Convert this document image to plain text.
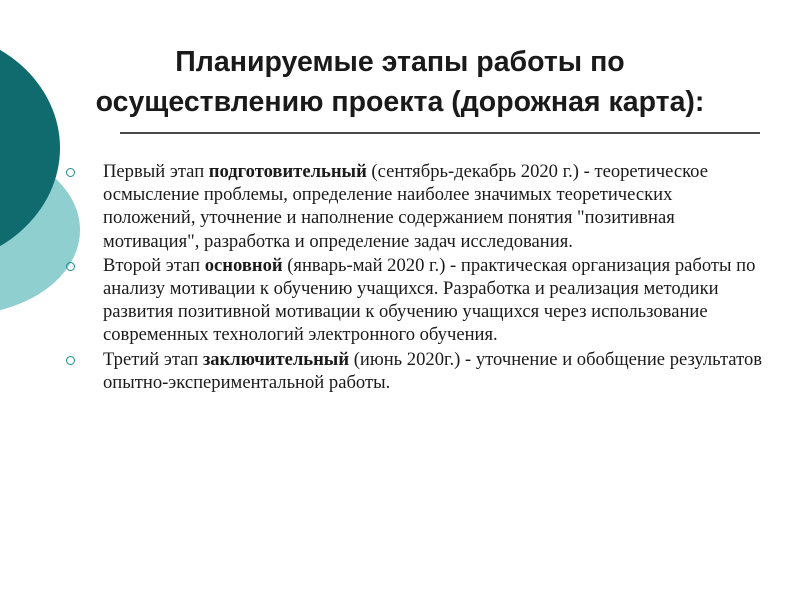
Планируемые этапы работы по
осуществлению проекта (дорожная карта):
Первый этап подготовительный (сентябрь-декабрь 2020 г.) - теоретическое осмысление проблемы, определение наиболее значимых теоретических положений, уточнение и наполнение содержанием понятия "позитивная мотивация", разработка и определение задач исследования.
Второй этап основной (январь-май 2020 г.) - практическая организация работы по анализу мотивации к обучению учащихся. Разработка и реализация методики развития позитивной мотивации к обучению учащихся через использование современных технологий электронного обучения.
Третий этап заключительный (июнь 2020г.) - уточнение и обобщение результатов опытно-экспериментальной работы.
